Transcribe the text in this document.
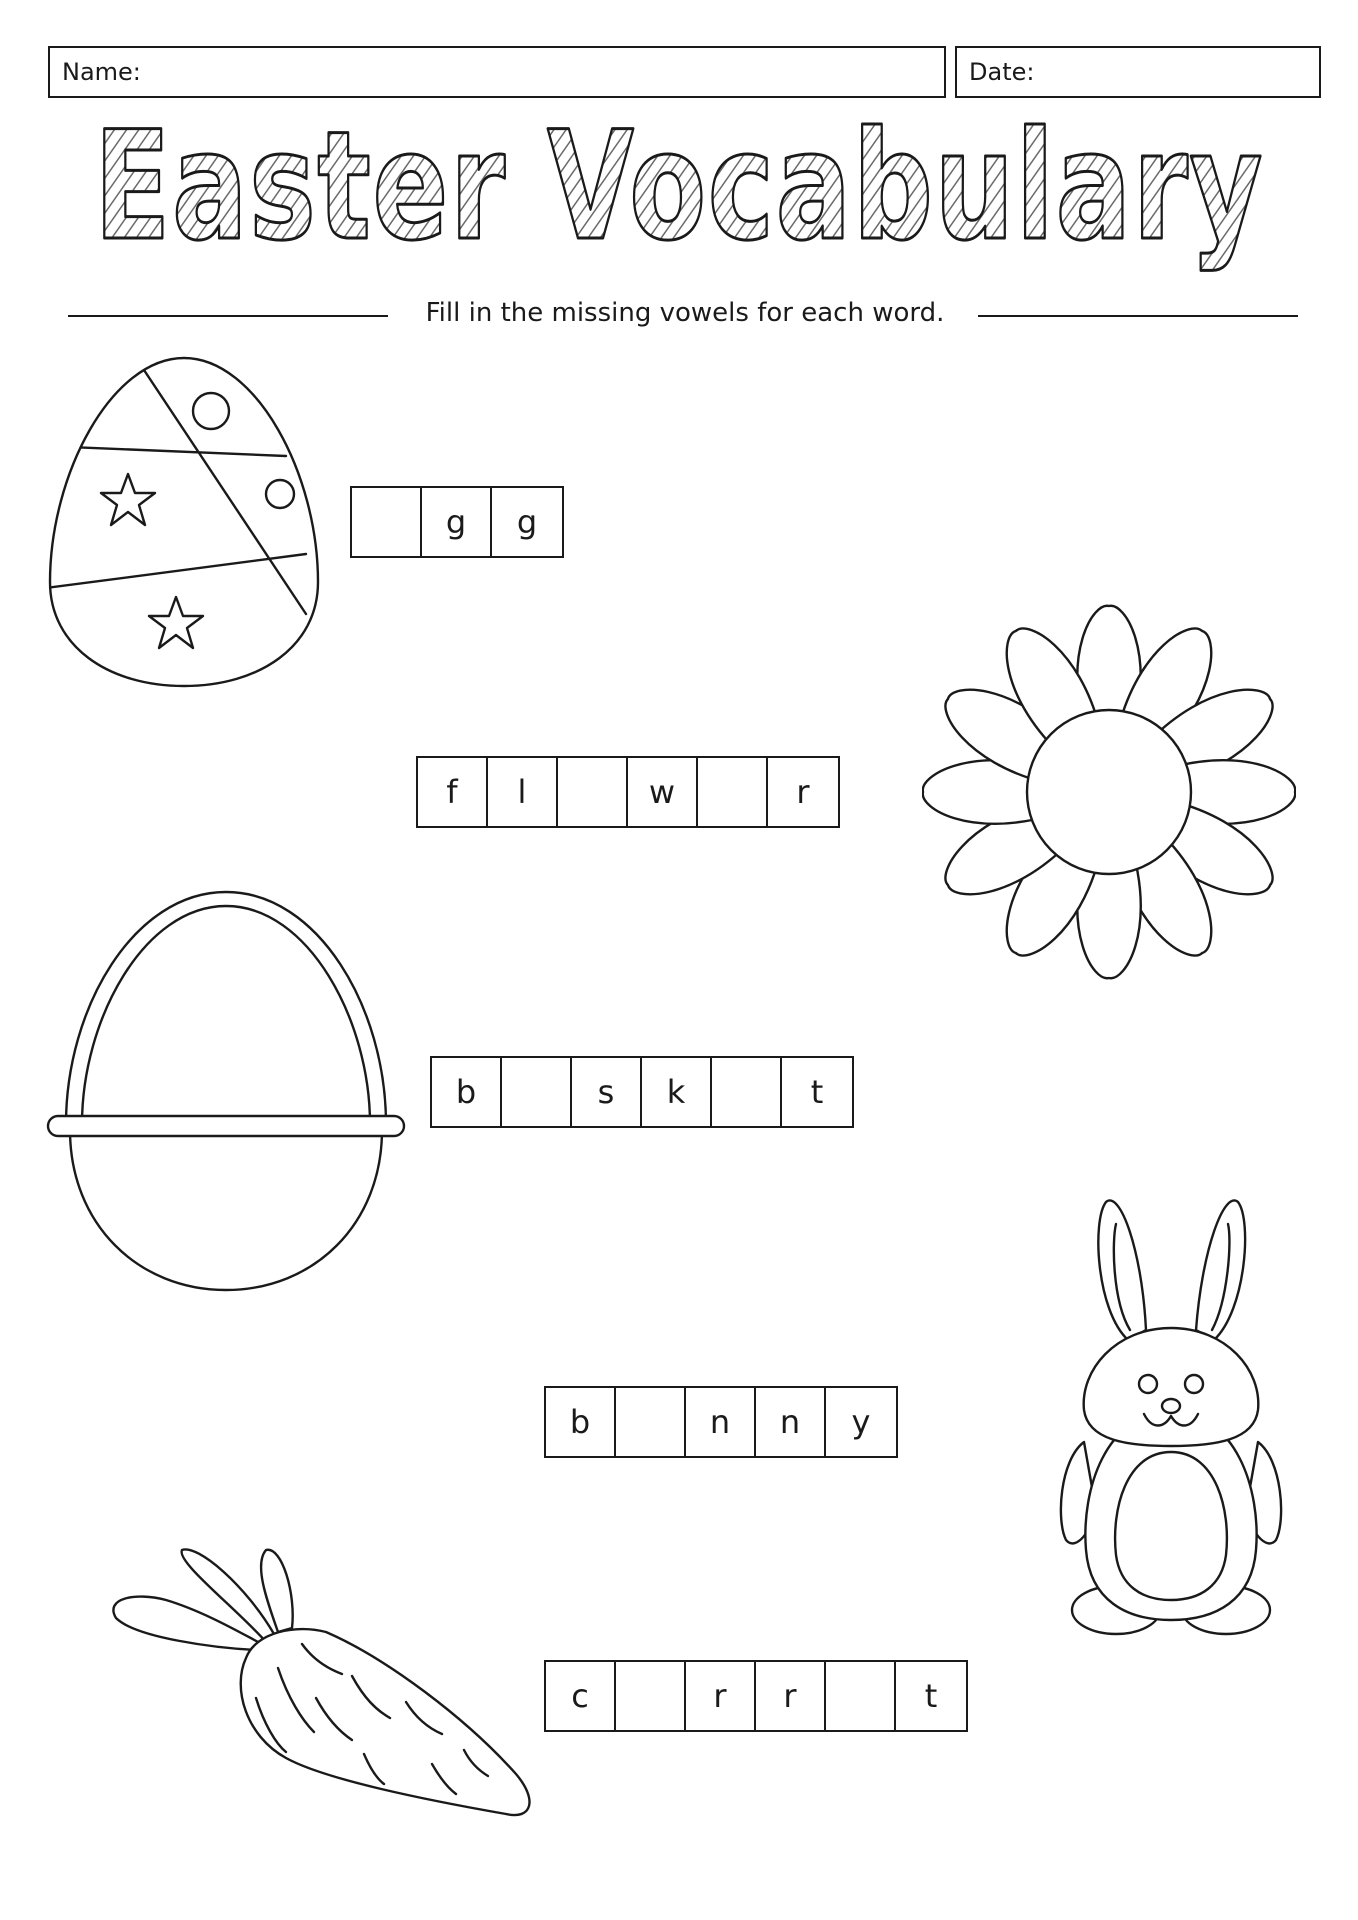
Name:	Date:
Easter Vocabulary
Fill in the missing vowels for each word.
g	g
f	l	w	r
b	s	k	t
b	n	n	y
c	r	r	t
